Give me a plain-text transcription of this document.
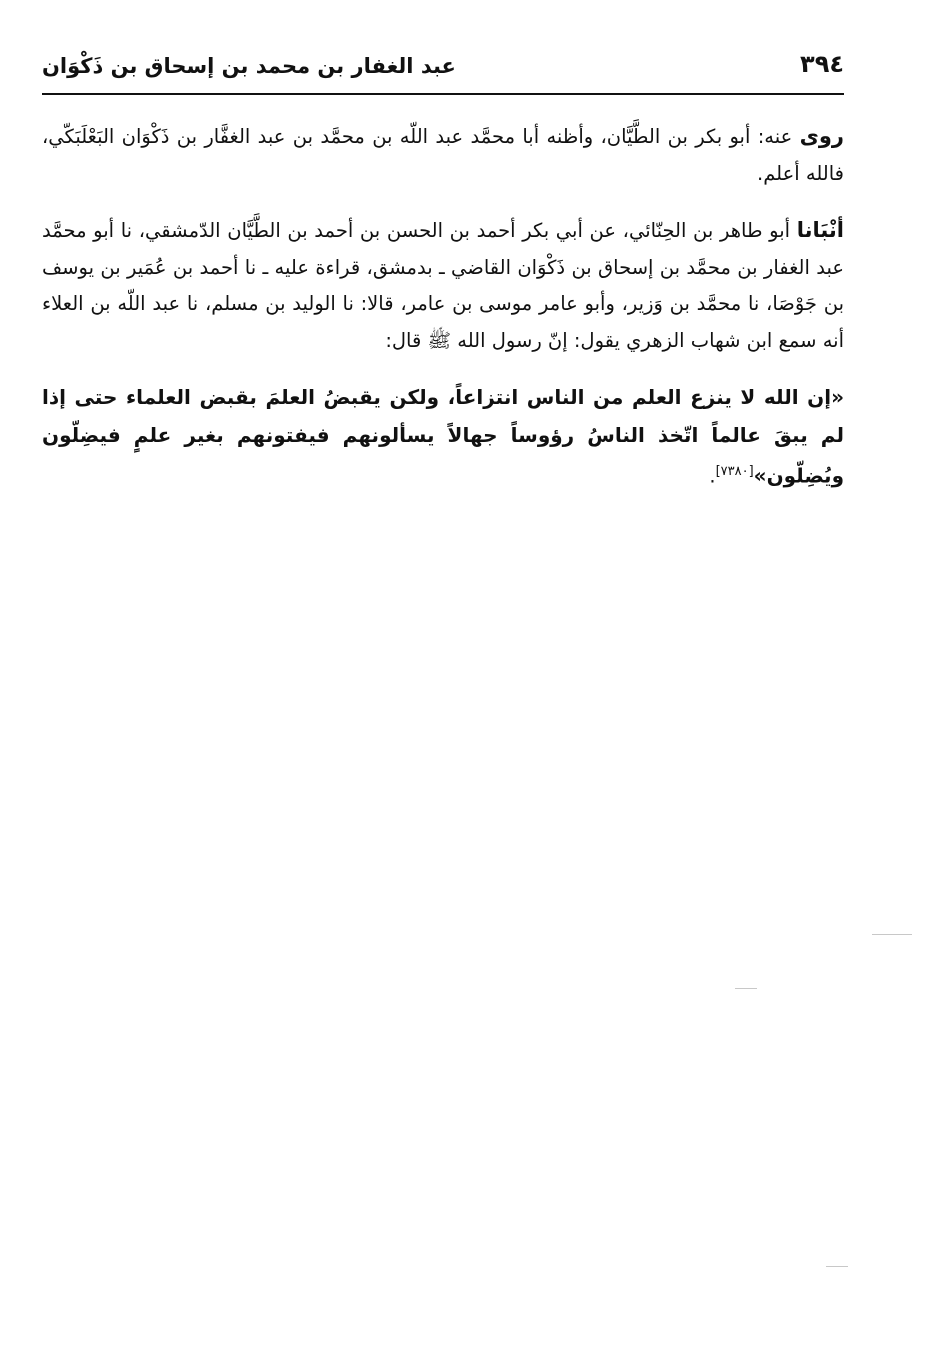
٣٩٤
عبد الغفار بن محمد بن إسحاق بن ذَكْوَان

روى عنه: أبو بكر بن الطَّيَّان، وأظنه أبا محمَّد عبد اللّه بن محمَّد بن عبد الغفَّار بن ذَكْوَان البَعْلَبَكّي، فالله أعلم.

أنْبَانا أبو طاهر بن الحِنّائي، عن أبي بكر أحمد بن الحسن بن أحمد بن الطَّيَّان الدّمشقي، نا أبو محمَّد عبد الغفار بن محمَّد بن إسحاق بن ذَكْوَان القاضي ـ بدمشق، قراءة عليه ـ نا أحمد بن عُمَير بن يوسف بن جَوْصَا، نا محمَّد بن وَزير، وأبو عامر موسى بن عامر، قالا: نا الوليد بن مسلم، نا عبد اللّه بن العلاء أنه سمع ابن شهاب الزهري يقول: إنّ رسول الله ﷺ قال:

«إن الله لا ينزع العلم من الناس انتزاعاً، ولكن يقبضُ العلمَ بقبض العلماء حتى إذا لم يبقَ عالماً اتّخذ الناسُ رؤوساً جهالاً يسألونهم فيفتونهم بغير علمٍ فيضِلّون ويُضِلّون»[٧٣٨٠].
